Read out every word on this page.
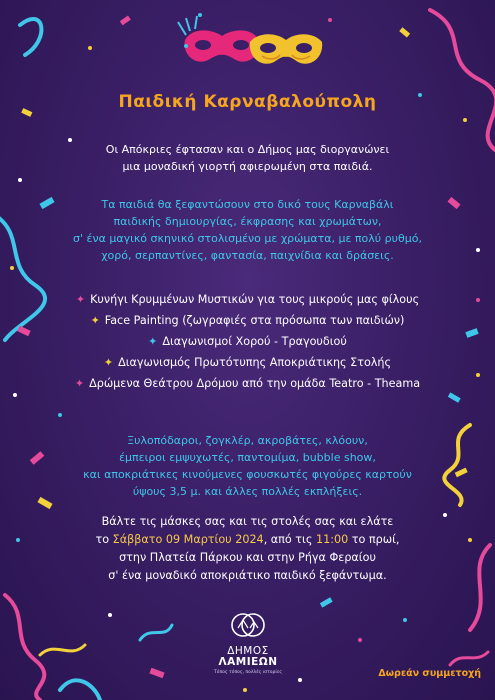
Παιδική Καρναβαλούπολη
Οι Απόκριες έφτασαν και ο Δήμος μας διοργανώνει
μια μοναδική γιορτή αφιερωμένη στα παιδιά.
Τα παιδιά θα ξεφαντώσουν στο δικό τους Καρναβάλι
παιδικής δημιουργίας, έκφρασης και χρωμάτων,
σ' ένα μαγικό σκηνικό στολισμένο με χρώματα, με πολύ ρυθμό,
χορό, σερπαντίνες, φαντασία, παιχνίδια και δράσεις.
✦ Κυνήγι Κρυμμένων Μυστικών για τους μικρούς μας φίλους
✦ Face Painting (ζωγραφιές στα πρόσωπα των παιδιών)
✦ Διαγωνισμοί Χορού - Τραγουδιού
✦ Διαγωνισμός Πρωτότυπης Αποκριάτικης Στολής
✦ Δρώμενα Θεάτρου Δρόμου από την ομάδα Teatro - Theama
Ξυλοπόδαροι, ζογκλέρ, ακροβάτες, κλόουν,
έμπειροι εμψυχωτές, παντομίμα, bubble show,
και αποκριάτικες κινούμενες φουσκωτές φιγούρες καρτούν
ύψους 3,5 μ. και άλλες πολλές εκπλήξεις.
Βάλτε τις μάσκες σας και τις στολές σας και ελάτε
το Σάββατο 09 Μαρτίου 2024, από τις 11:00 το πρωί,
στην Πλατεία Πάρκου και στην Ρήγα Φεραίου
σ' ένα μοναδικό αποκριάτικο παιδικό ξεφάντωμα.
ΔΗΜΟΣ
ΛΑΜΙΕΩΝ
Τόπος τόπος, πολλές ιστορίες	Δωρεάν συμμετοχή
